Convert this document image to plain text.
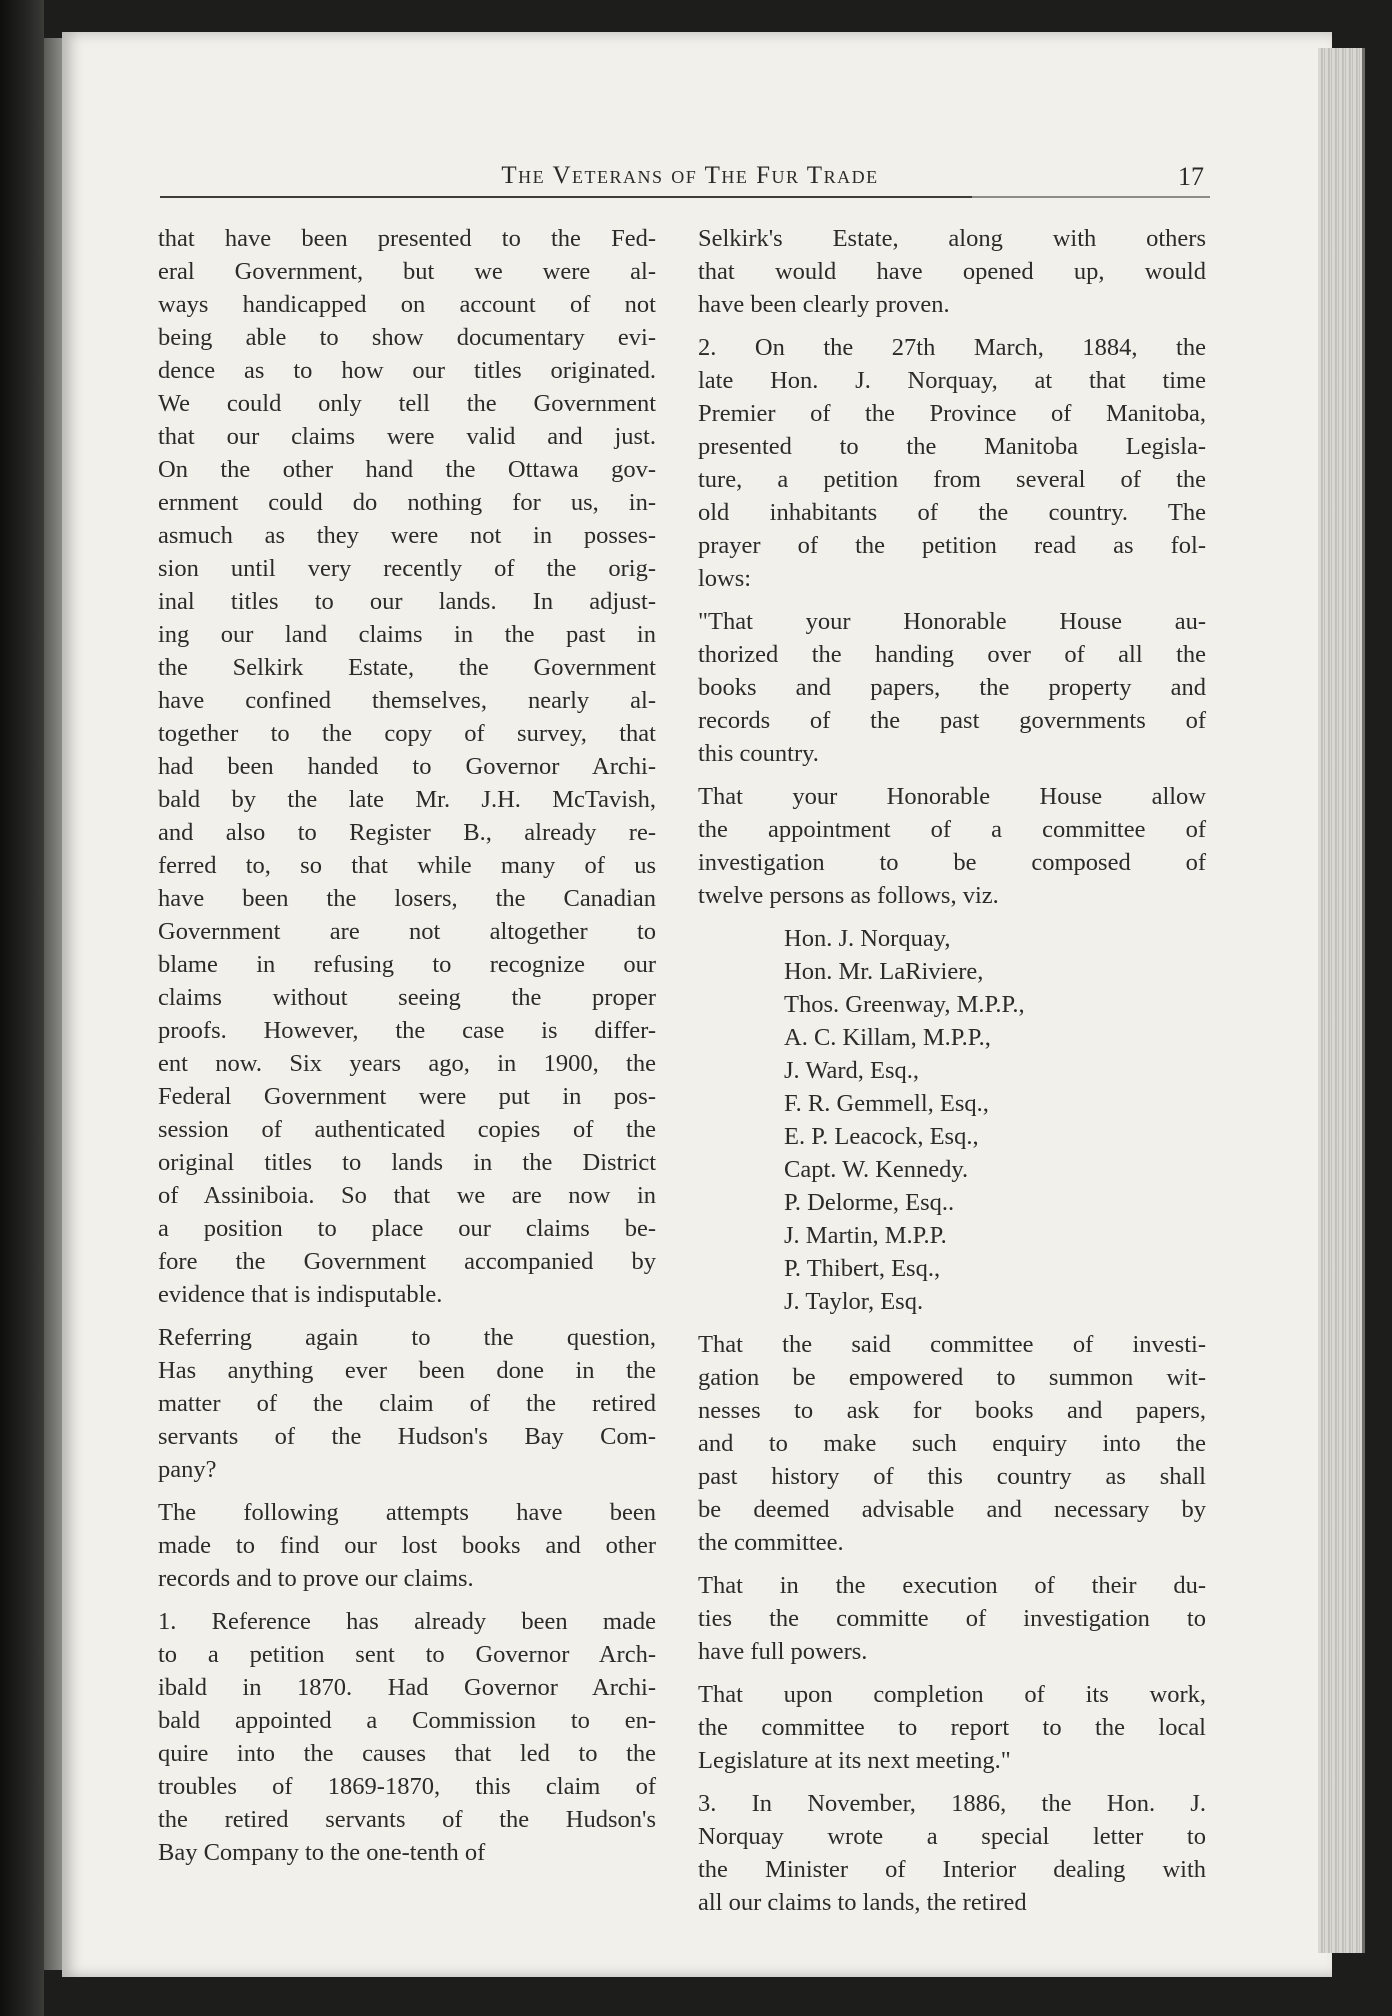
The Veterans of The Fur Trade	17

that have been presented to the Fed-
eral Government, but we were al-
ways handicapped on account of not
being able to show documentary evi-
dence as to how our titles originated.
We could only tell the Government
that our claims were valid and just.
On the other hand the Ottawa gov-
ernment could do nothing for us, in-
asmuch as they were not in posses-
sion until very recently of the orig-
inal titles to our lands. In adjust-
ing our land claims in the past in
the Selkirk Estate, the Government
have confined themselves, nearly al-
together to the copy of survey, that
had been handed to Governor Archi-
bald by the late Mr. J.H. McTavish,
and also to Register B., already re-
ferred to, so that while many of us
have been the losers, the Canadian
Government are not altogether to
blame in refusing to recognize our
claims without seeing the proper
proofs. However, the case is differ-
ent now. Six years ago, in 1900, the
Federal Government were put in pos-
session of authenticated copies of the
original titles to lands in the District
of Assiniboia. So that we are now in
a position to place our claims be-
fore the Government accompanied by
evidence that is indisputable.

Referring again to the question,
Has anything ever been done in the
matter of the claim of the retired
servants of the Hudson's Bay Com-
pany?

The following attempts have been
made to find our lost books and other
records and to prove our claims.

1. Reference has already been made
to a petition sent to Governor Arch-
ibald in 1870. Had Governor Archi-
bald appointed a Commission to en-
quire into the causes that led to the
troubles of 1869-1870, this claim of
the retired servants of the Hudson's
Bay Company to the one-tenth of

Selkirk's Estate, along with others
that would have opened up, would
have been clearly proven.

2. On the 27th March, 1884, the
late Hon. J. Norquay, at that time
Premier of the Province of Manitoba,
presented to the Manitoba Legisla-
ture, a petition from several of the
old inhabitants of the country. The
prayer of the petition read as fol-
lows:

"That your Honorable House au-
thorized the handing over of all the
books and papers, the property and
records of the past governments of
this country.

That your Honorable House allow
the appointment of a committee of
investigation to be composed of
twelve persons as follows, viz.

Hon. J. Norquay,
Hon. Mr. LaRiviere,
Thos. Greenway, M.P.P.,
A. C. Killam, M.P.P.,
J. Ward, Esq.,
F. R. Gemmell, Esq.,
E. P. Leacock, Esq.,
Capt. W. Kennedy.
P. Delorme, Esq..
J. Martin, M.P.P.
P. Thibert, Esq.,
J. Taylor, Esq.

That the said committee of investi-
gation be empowered to summon wit-
nesses to ask for books and papers,
and to make such enquiry into the
past history of this country as shall
be deemed advisable and necessary by
the committee.

That in the execution of their du-
ties the committe of investigation to
have full powers.

That upon completion of its work,
the committee to report to the local
Legislature at its next meeting."

3. In November, 1886, the Hon. J.
Norquay wrote a special letter to
the Minister of Interior dealing with
all our claims to lands, the retired
